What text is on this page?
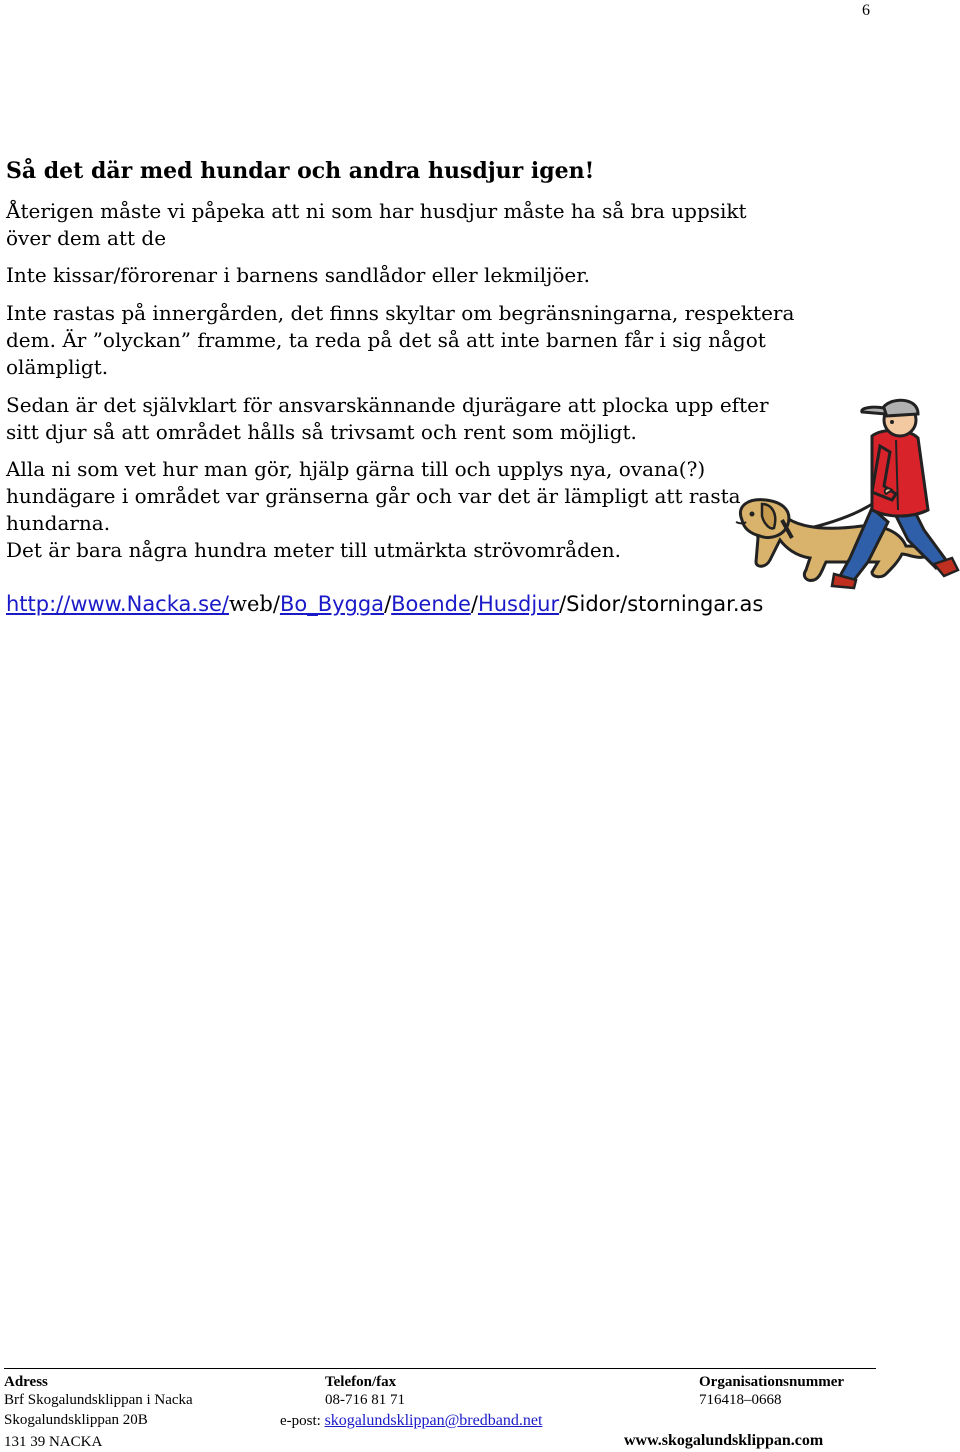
6
Så det där med hundar och andra husdjur igen!
Återigen måste vi påpeka att ni som har husdjur måste ha så bra uppsikt
över dem att de
Inte kissar/förorenar i barnens sandlådor eller lekmiljöer.
Inte rastas på innergården, det finns skyltar om begränsningarna, respektera
dem. Är ”olyckan” framme, ta reda på det så att inte barnen får i sig något
olämpligt.
Sedan är det självklart för ansvarskännande djurägare att plocka upp efter
sitt djur så att området hålls så trivsamt och rent som möjligt.
Alla ni som vet hur man gör, hjälp gärna till och upplys nya, ovana(?)
hundägare i området var gränserna går och var det är lämpligt att rasta
hundarna.
Det är bara några hundra meter till utmärkta strövområden.
http://www.Nacka.se/web/Bo_Bygga/Boende/Husdjur/Sidor/storningar.as
Adress
Brf Skogalundsklippan i Nacka
Skogalundsklippan 20B
131 39 NACKA
Telefon/fax
08-716 81 71
e-post: skogalundsklippan@bredband.net
Organisationsnummer
716418–0668
www.skogalundsklippan.com
